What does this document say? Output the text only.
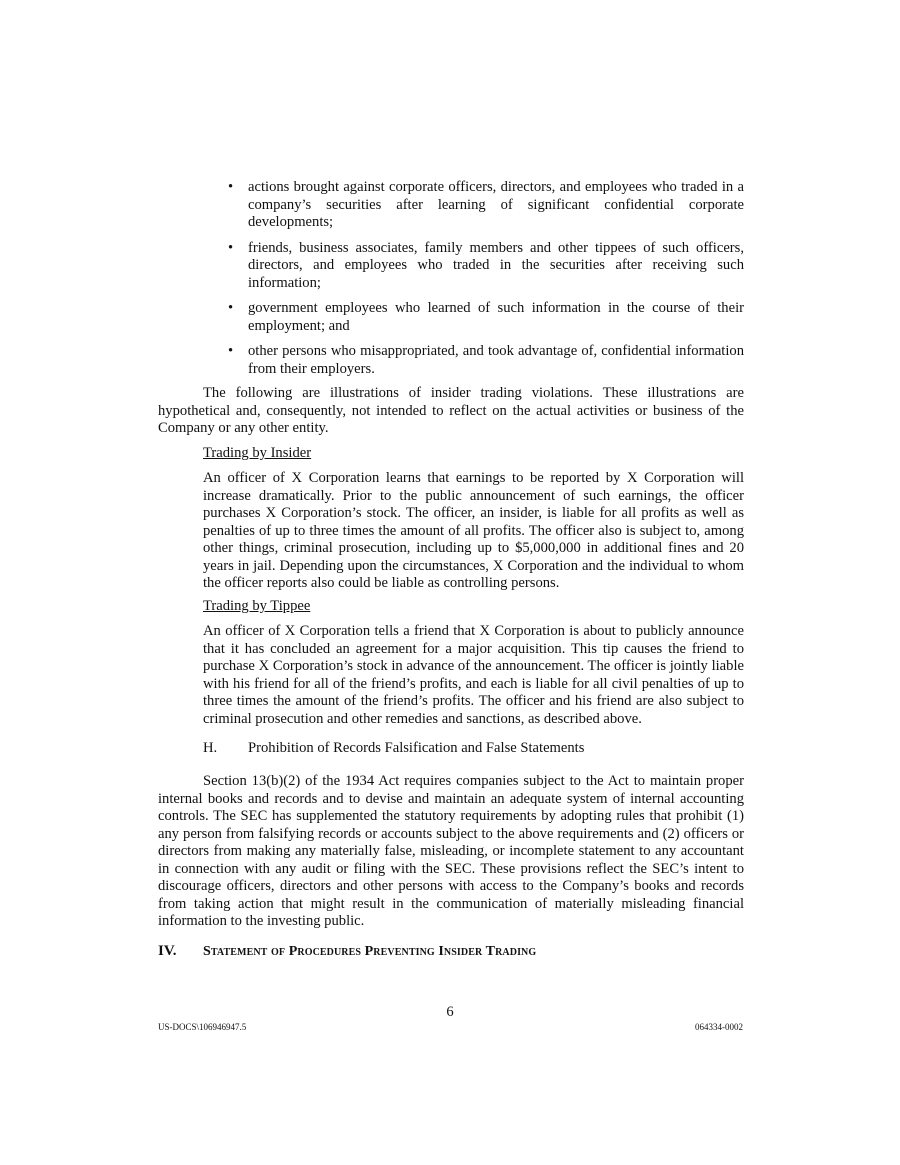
•	actions brought against corporate officers, directors, and employees who traded in a company’s securities after learning of significant confidential corporate developments;
•	friends, business associates, family members and other tippees of such officers, directors, and employees who traded in the securities after receiving such information;
•	government employees who learned of such information in the course of their employment; and
•	other persons who misappropriated, and took advantage of, confidential information from their employers.

The following are illustrations of insider trading violations. These illustrations are hypothetical and, consequently, not intended to reflect on the actual activities or business of the Company or any other entity.

Trading by Insider

An officer of X Corporation learns that earnings to be reported by X Corporation will increase dramatically. Prior to the public announcement of such earnings, the officer purchases X Corporation’s stock. The officer, an insider, is liable for all profits as well as penalties of up to three times the amount of all profits. The officer also is subject to, among other things, criminal prosecution, including up to $5,000,000 in additional fines and 20 years in jail. Depending upon the circumstances, X Corporation and the individual to whom the officer reports also could be liable as controlling persons.

Trading by Tippee

An officer of X Corporation tells a friend that X Corporation is about to publicly announce that it has concluded an agreement for a major acquisition. This tip causes the friend to purchase X Corporation’s stock in advance of the announcement. The officer is jointly liable with his friend for all of the friend’s profits, and each is liable for all civil penalties of up to three times the amount of the friend’s profits. The officer and his friend are also subject to criminal prosecution and other remedies and sanctions, as described above.

H. Prohibition of Records Falsification and False Statements

Section 13(b)(2) of the 1934 Act requires companies subject to the Act to maintain proper internal books and records and to devise and maintain an adequate system of internal accounting controls. The SEC has supplemented the statutory requirements by adopting rules that prohibit (1) any person from falsifying records or accounts subject to the above requirements and (2) officers or directors from making any materially false, misleading, or incomplete statement to any accountant in connection with any audit or filing with the SEC. These provisions reflect the SEC’s intent to discourage officers, directors and other persons with access to the Company’s books and records from taking action that might result in the communication of materially misleading financial information to the investing public.

IV. Statement of Procedures Preventing Insider Trading

6
US-DOCS\106946947.5	064334-0002
